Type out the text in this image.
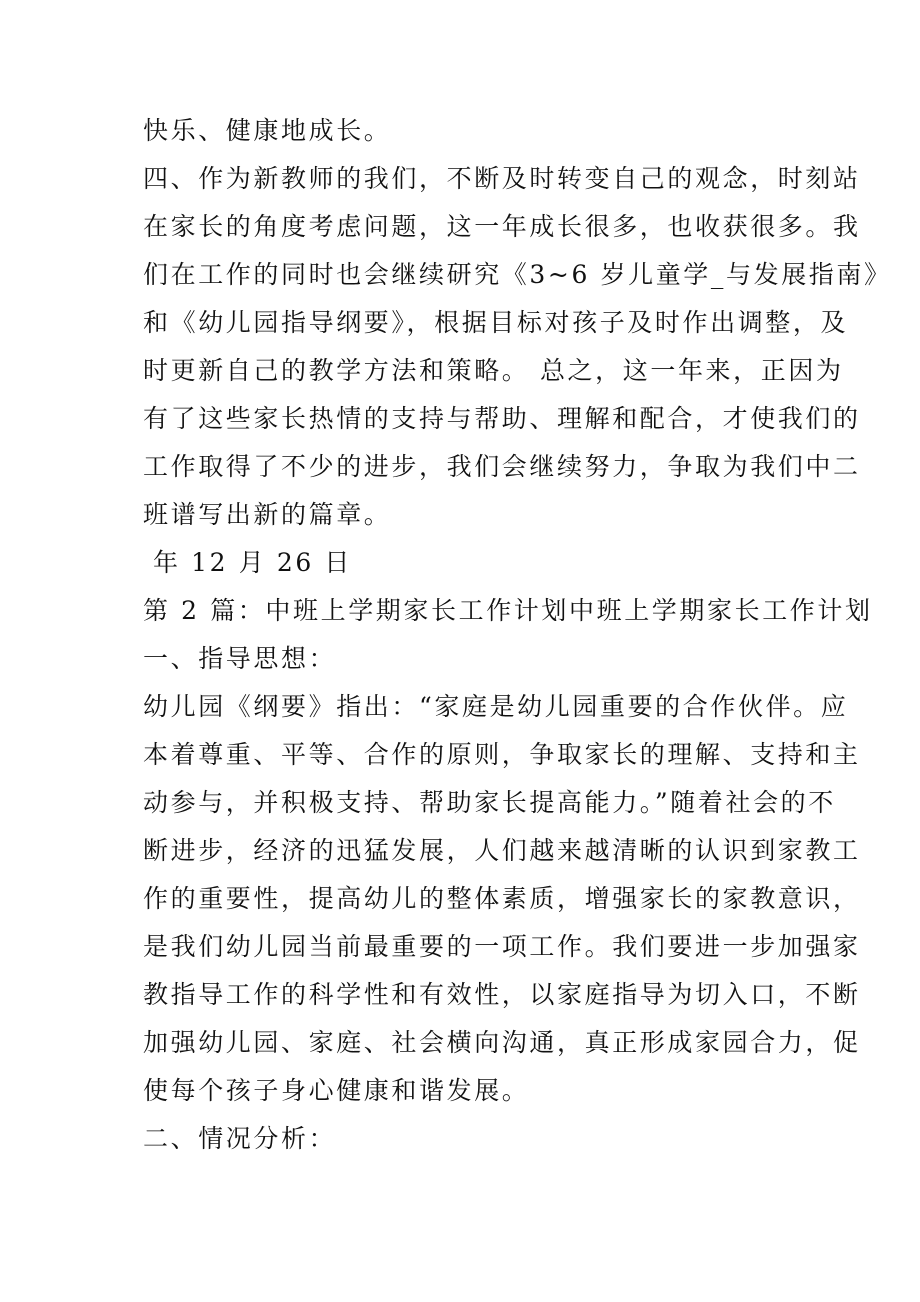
快乐、健康地成长。
四、作为新教师的我们，不断及时转变自己的观念，时刻站
在家长的角度考虑问题，这一年成长很多，也收获很多。我
们在工作的同时也会继续研究《3~6 岁儿童学_与发展指南》
和《幼儿园指导纲要》，根据目标对孩子及时作出调整，及
时更新自己的教学方法和策略。 总之，这一年来，正因为
有了这些家长热情的支持与帮助、理解和配合，才使我们的
工作取得了不少的进步，我们会继续努力，争取为我们中二
班谱写出新的篇章。
年 12 月 26 日
第 2 篇：中班上学期家长工作计划中班上学期家长工作计划
一、指导思想：
幼儿园《纲要》指出：“家庭是幼儿园重要的合作伙伴。应
本着尊重、平等、合作的原则，争取家长的理解、支持和主
动参与，并积极支持、帮助家长提高能力。”随着社会的不
断进步，经济的迅猛发展，人们越来越清晰的认识到家教工
作的重要性，提高幼儿的整体素质，增强家长的家教意识，
是我们幼儿园当前最重要的一项工作。我们要进一步加强家
教指导工作的科学性和有效性，以家庭指导为切入口，不断
加强幼儿园、家庭、社会横向沟通，真正形成家园合力，促
使每个孩子身心健康和谐发展。
二、情况分析：
